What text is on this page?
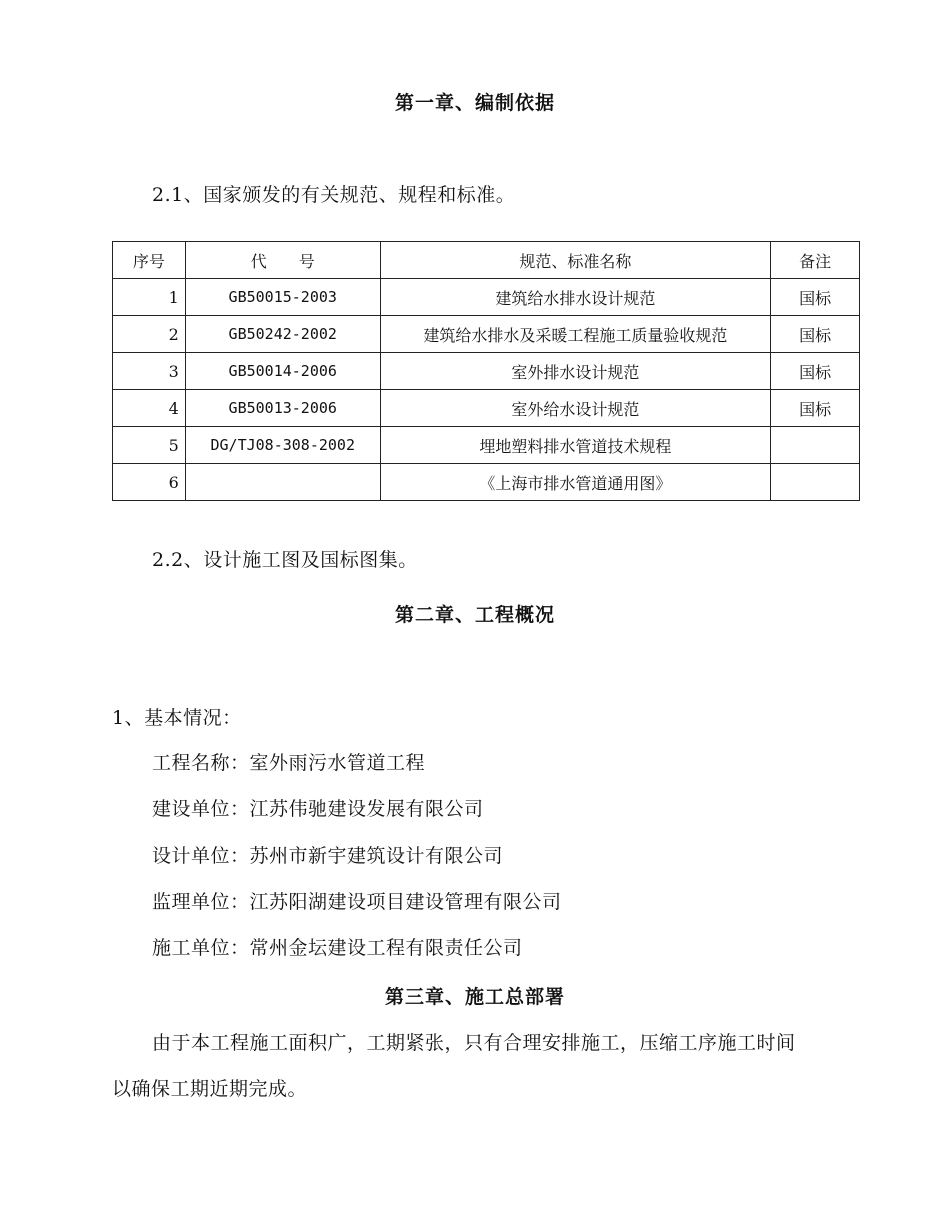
第一章、编制依据

2.1、国家颁发的有关规范、规程和标准。

序号	代　　号	规范、标准名称	备注
1	GB50015-2003	建筑给水排水设计规范	国标
2	GB50242-2002	建筑给水排水及采暖工程施工质量验收规范	国标
3	GB50014-2006	室外排水设计规范	国标
4	GB50013-2006	室外给水设计规范	国标
5	DG/TJ08-308-2002	埋地塑料排水管道技术规程	
6		《上海市排水管道通用图》	

2.2、设计施工图及国标图集。

第二章、工程概况

1、基本情况：

工程名称：室外雨污水管道工程

建设单位：江苏伟驰建设发展有限公司

设计单位：苏州市新宇建筑设计有限公司

监理单位：江苏阳湖建设项目建设管理有限公司

施工单位：常州金坛建设工程有限责任公司

第三章、施工总部署

由于本工程施工面积广，工期紧张，只有合理安排施工，压缩工序施工时间

以确保工期近期完成。
